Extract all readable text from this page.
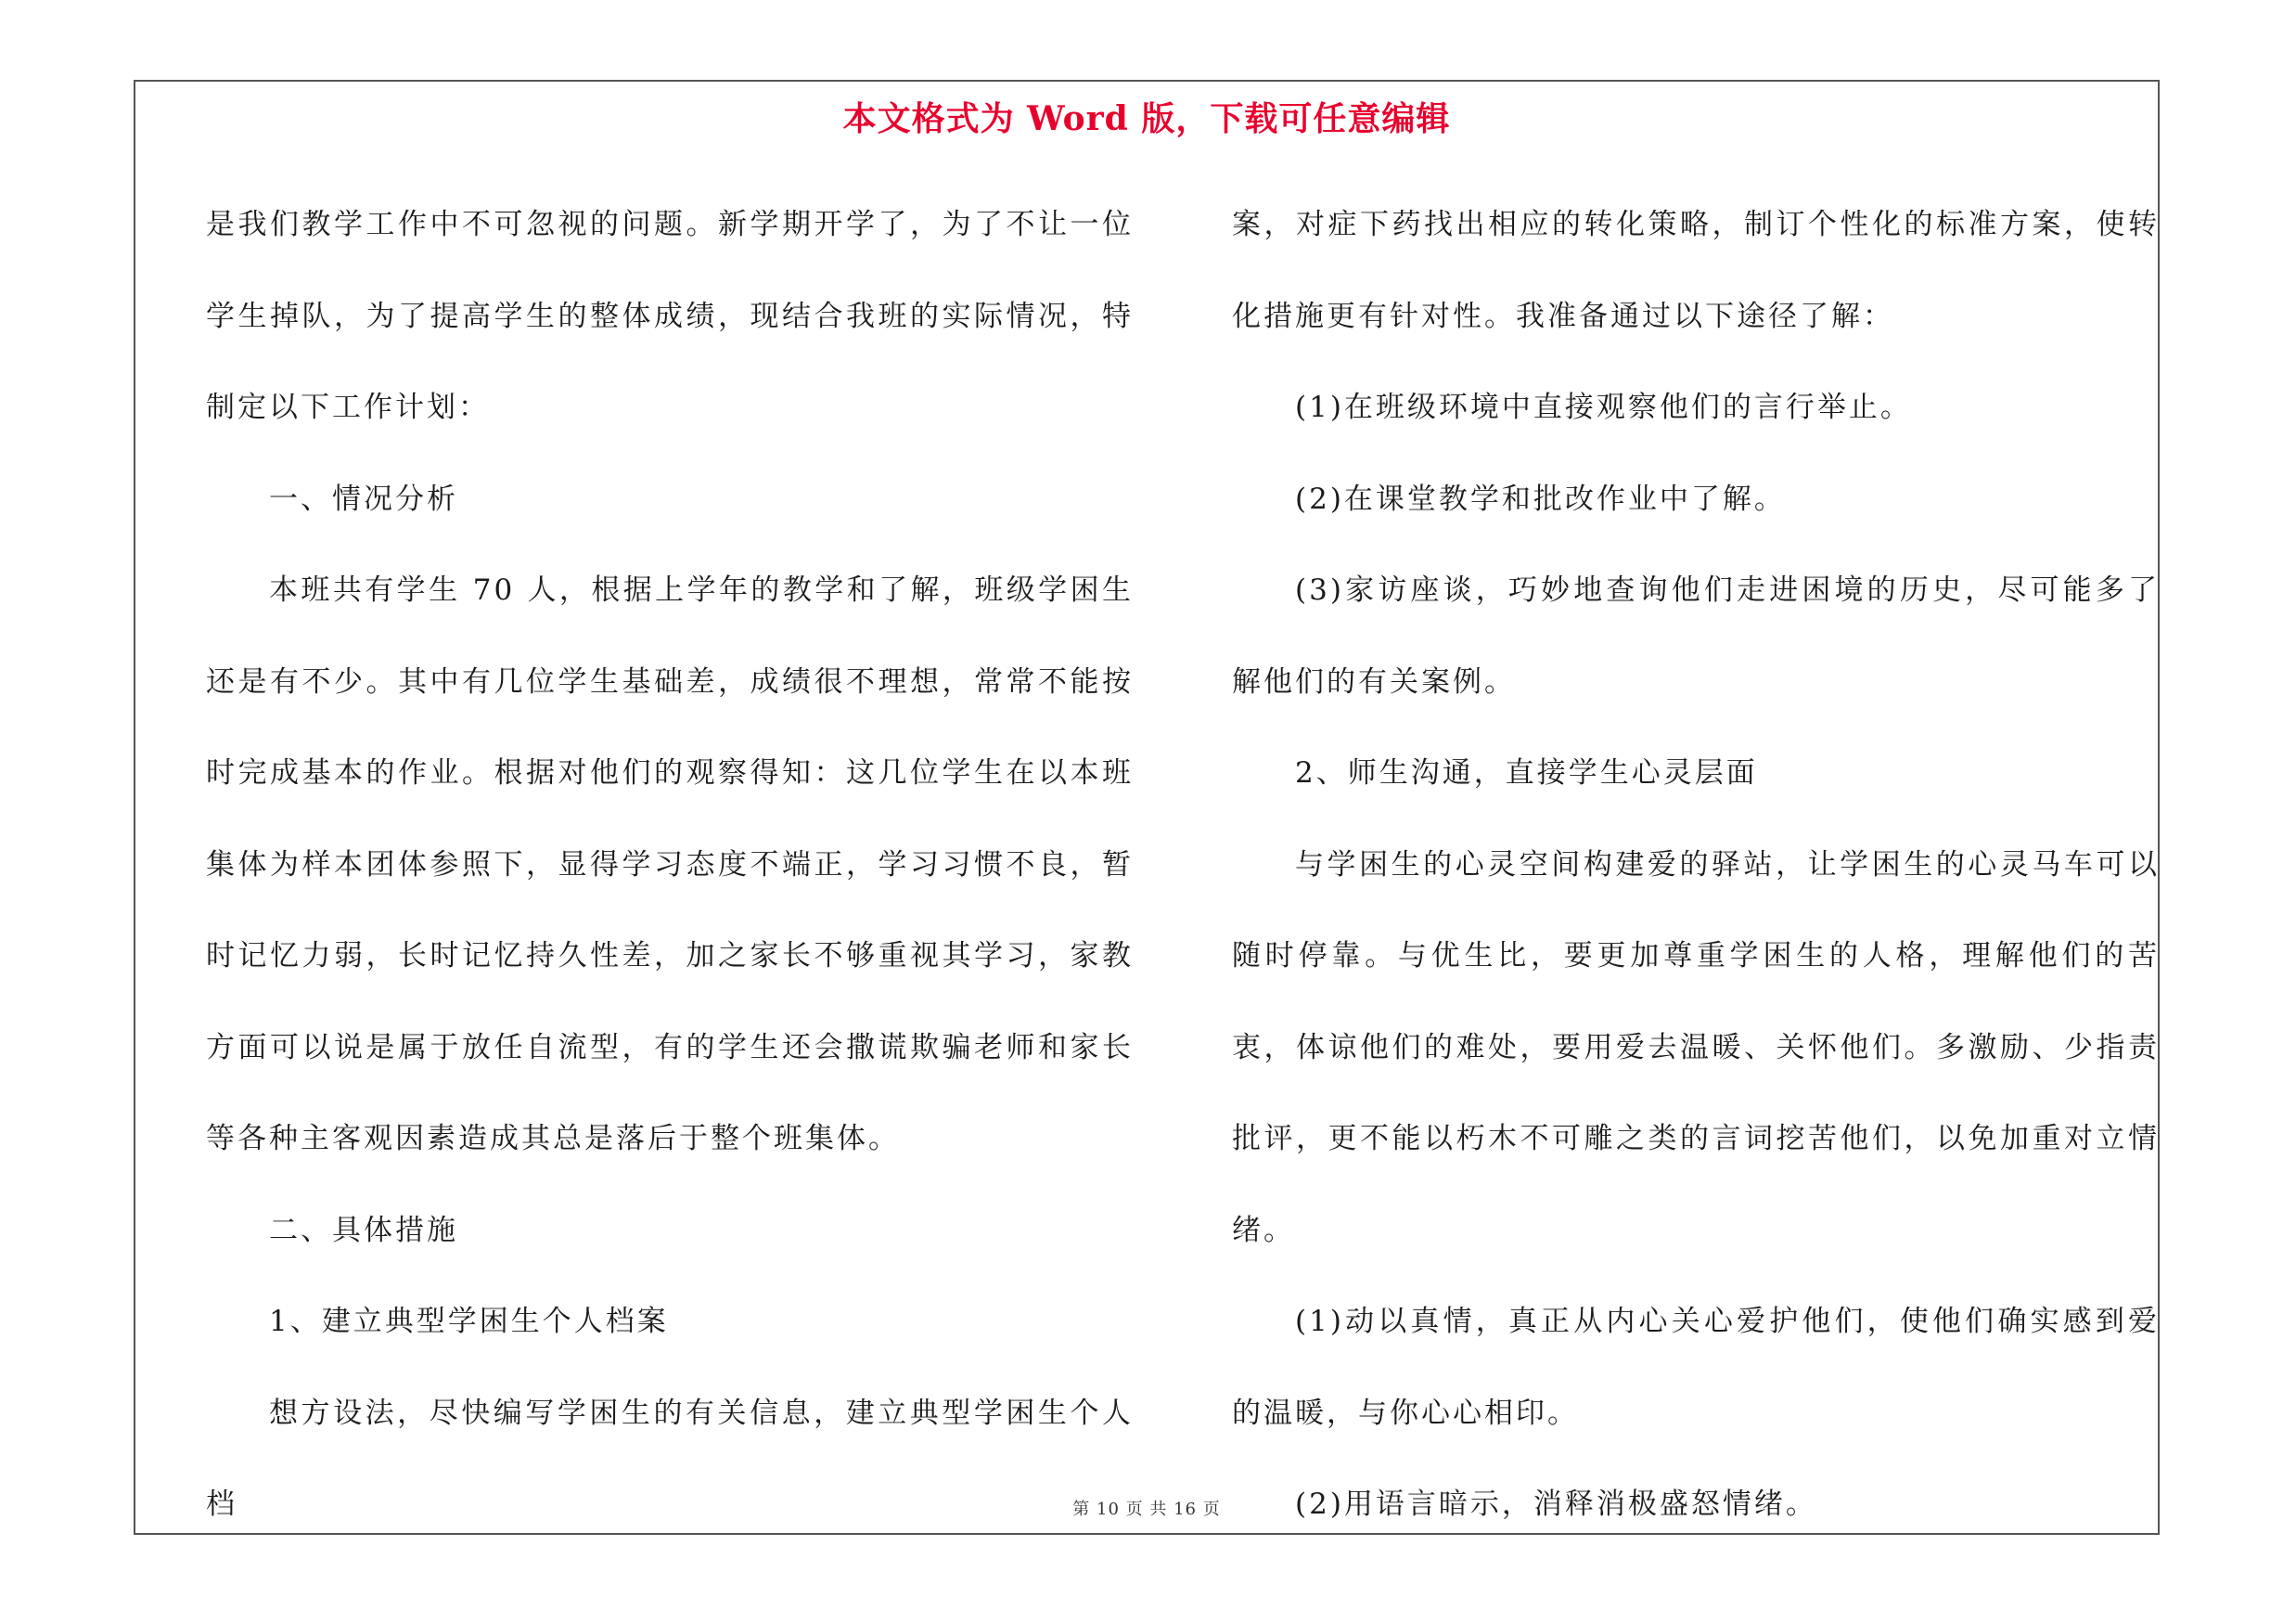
本文格式为 Word 版，下载可任意编辑

是我们教学工作中不可忽视的问题。新学期开学了，为了不让一位学生掉队，为了提高学生的整体成绩，现结合我班的实际情况，特制定以下工作计划：

一、情况分析

本班共有学生 70 人，根据上学年的教学和了解，班级学困生还是有不少。其中有几位学生基础差，成绩很不理想，常常不能按时完成基本的作业。根据对他们的观察得知：这几位学生在以本班集体为样本团体参照下，显得学习态度不端正，学习习惯不良，暂时记忆力弱，长时记忆持久性差，加之家长不够重视其学习，家教方面可以说是属于放任自流型，有的学生还会撒谎欺骗老师和家长等各种主客观因素造成其总是落后于整个班集体。

二、具体措施

1、建立典型学困生个人档案

想方设法，尽快编写学困生的有关信息，建立典型学困生个人档

案，对症下药找出相应的转化策略，制订个性化的标准方案，使转化措施更有针对性。我准备通过以下途径了解：

(1)在班级环境中直接观察他们的言行举止。

(2)在课堂教学和批改作业中了解。

(3)家访座谈，巧妙地查询他们走进困境的历史，尽可能多了解他们的有关案例。

2、师生沟通，直接学生心灵层面

与学困生的心灵空间构建爱的驿站，让学困生的心灵马车可以随时停靠。与优生比，要更加尊重学困生的人格，理解他们的苦衷，体谅他们的难处，要用爱去温暖、关怀他们。多激励、少指责批评，更不能以朽木不可雕之类的言词挖苦他们，以免加重对立情绪。

(1)动以真情，真正从内心关心爱护他们，使他们确实感到爱的温暖，与你心心相印。

(2)用语言暗示，消释消极盛怒情绪。

第 10 页 共 16 页
